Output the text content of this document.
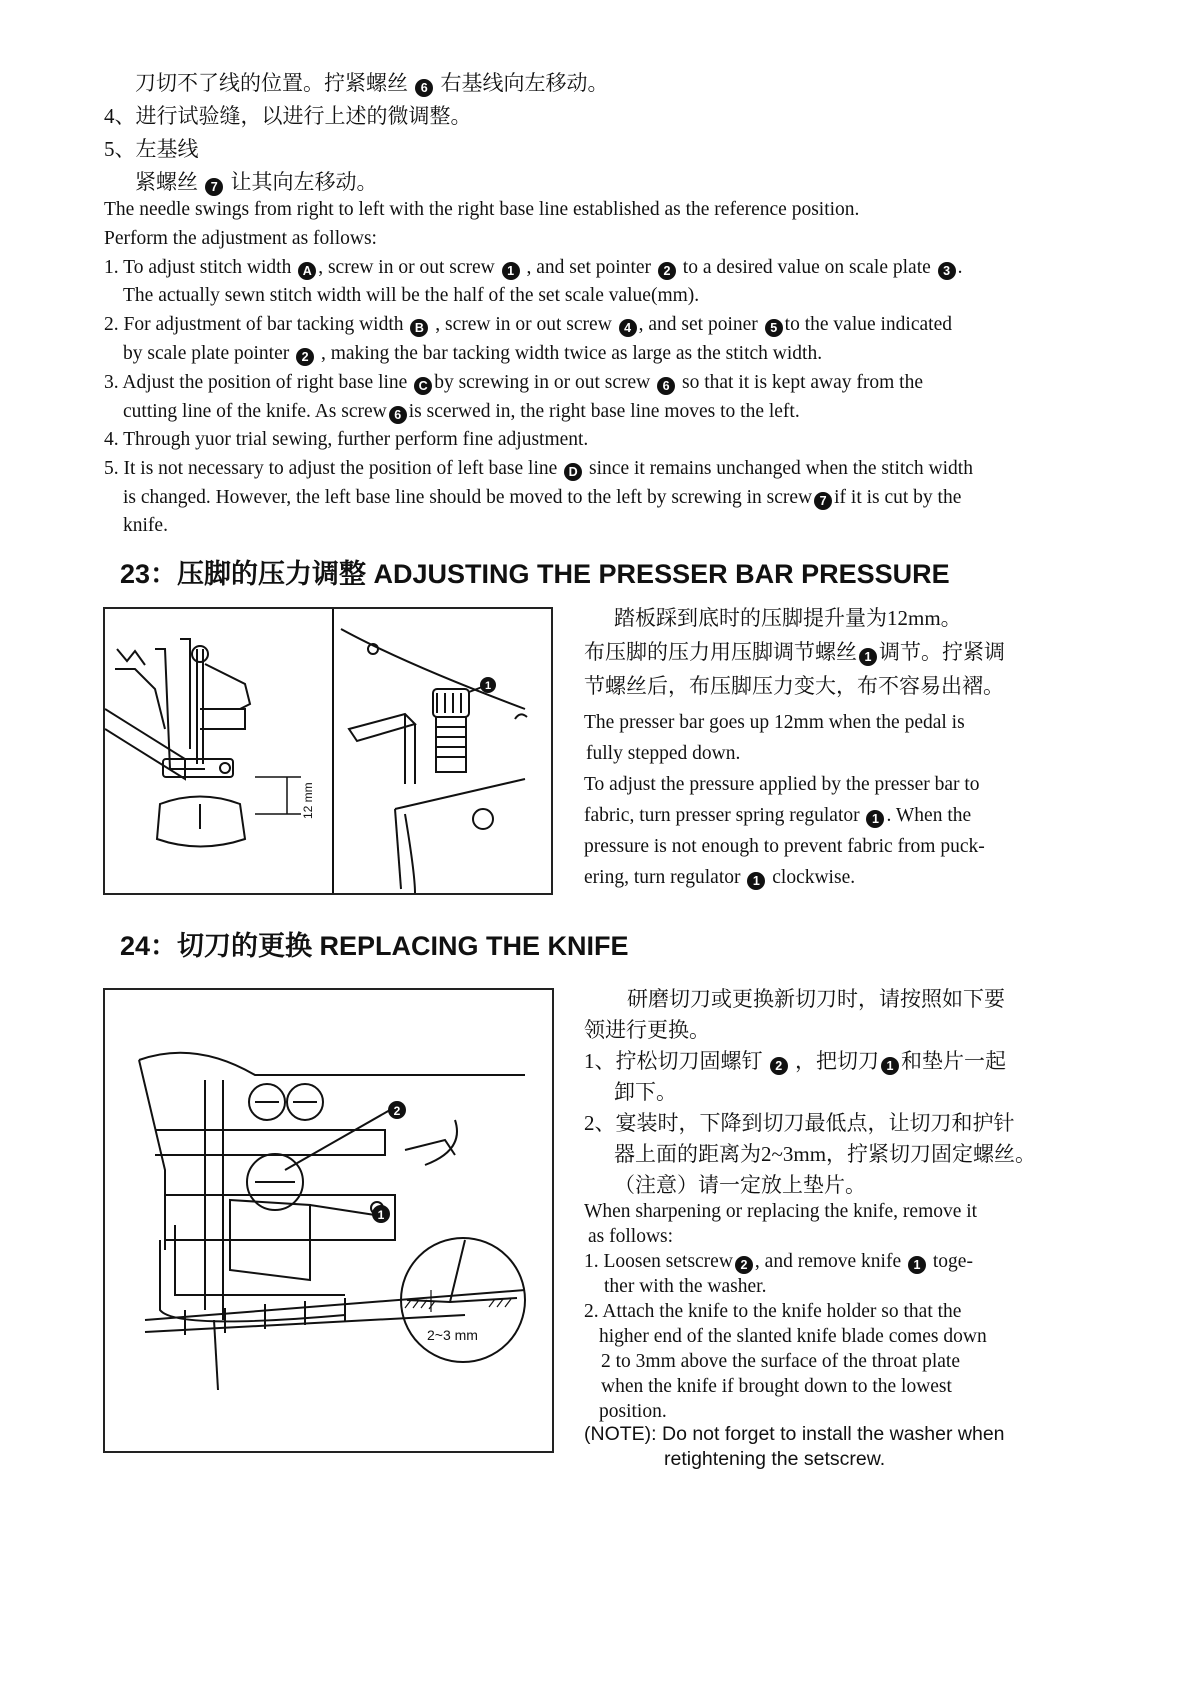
刀切不了线的位置。拧紧螺丝 6 右基线向左移动。
4、进行试验缝，以进行上述的微调整。
5、左基线
紧螺丝 7 让其向左移动。
The needle swings from right to left with the right base line established as the reference position.
Perform the adjustment as follows:
1. To adjust stitch width A , screw in or out screw 1 , and set pointer 2 to a desired value on scale plate 3 .
The actually sewn stitch width will be the half of the set scale value(mm).
2. For adjustment of bar tacking width B , screw in or out screw 4 , and set poiner 5 to the value indicated
by scale plate pointer 2 , making the bar tacking width twice as large as the stitch width.
3. Adjust the position of right base line C by screwing in or out screw 6 so that it is kept away from the
cutting line of the knife. As screw 6 is scerwed in, the right base line moves to the left.
4. Through yuor trial sewing, further perform fine adjustment.
5. It is not necessary to adjust the position of left base line D since it remains unchanged when the stitch width
is changed. However, the left base line should be moved to the left by screwing in screw 7 if it is cut by the
knife.
23：压脚的压力调整 ADJUSTING THE PRESSER BAR PRESSURE
1
12 mm
踏板踩到底时的压脚提升量为12mm。
布压脚的压力用压脚调节螺丝 1 调节。拧紧调
节螺丝后，布压脚压力变大，布不容易出褶。
The presser bar goes up 12mm when the pedal is
fully stepped down.
To adjust the pressure applied by the presser bar to
fabric, turn presser spring regulator 1 . When the
pressure is not enough to prevent fabric from puck-
ering, turn regulator 1 clockwise.
24：切刀的更换 REPLACING THE KNIFE
2
1
2~3 mm
研磨切刀或更换新切刀时，请按照如下要
领进行更换。
1、拧松切刀固螺钉 2 ，把切刀 1 和垫片一起
卸下。
2、宴装时，下降到切刀最低点，让切刀和护针
器上面的距离为2~3mm，拧紧切刀固定螺丝。
（注意）请一定放上垫片。
When sharpening or replacing the knife, remove it
as follows:
1. Loosen setscrew 2 , and remove knife 1 toge-
ther with the washer.
2. Attach the knife to the knife holder so that the
higher end of the slanted knife blade comes down
2 to 3mm above the surface of the throat plate
when the knife if brought down to the lowest
position.
(NOTE): Do not forget to install the washer when
retightening the setscrew.
